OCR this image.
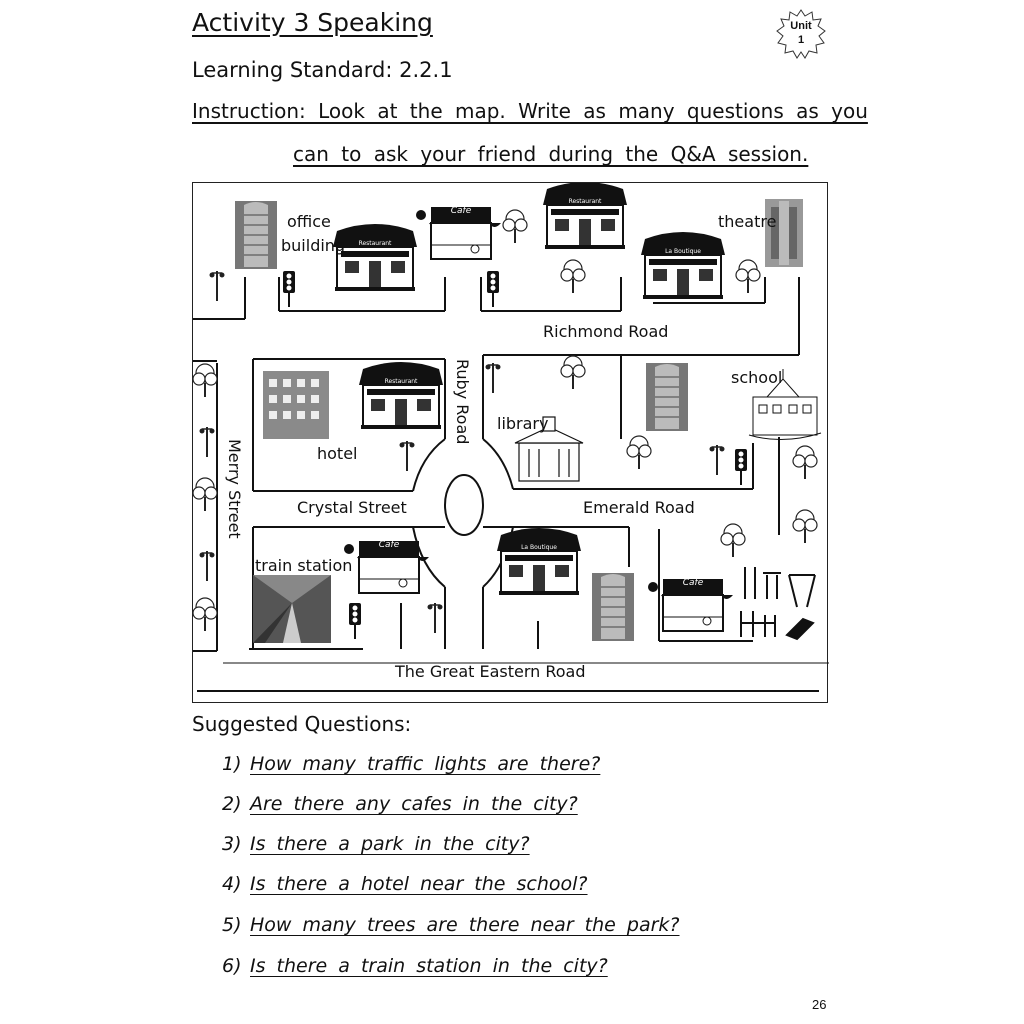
Activity 3 Speaking	Unit
1
Learning Standard: 2.2.1
Instruction: Look at the map. Write as many questions as you
can to ask your friend during the Q&A session.
Restaurant
Restaurant
Restaurant
La Boutique
La Boutique
Cafe
Cafe
Cafe
office
building
theatre
Richmond Road
school
library
hotel
Crystal Street	Emerald Road
train station
The Great Eastern Road
Ruby Road
Merry Street
Suggested Questions:
1) How many traffic lights are there?
2) Are there any cafes in the city?
3) Is there a park in the city?
4) Is there a hotel near the school?
5) How many trees are there near the park?
6) Is there a train station in the city?
26
